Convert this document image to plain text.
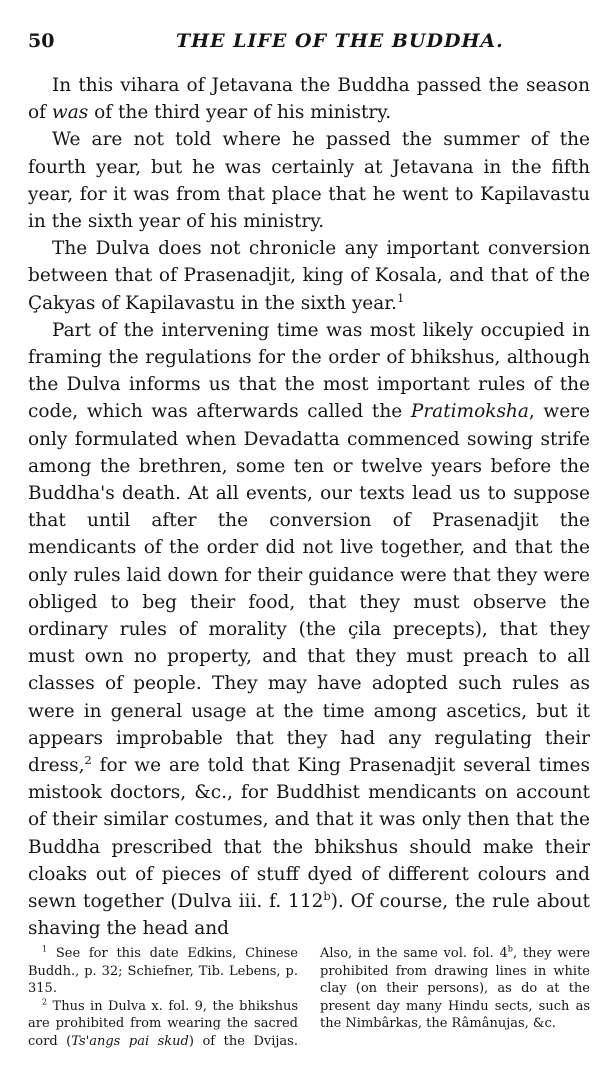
50	THE LIFE OF THE BUDDHA.

In this vihara of Jetavana the Buddha passed the season of was of the third year of his ministry.

We are not told where he passed the summer of the fourth year, but he was certainly at Jetavana in the fifth year, for it was from that place that he went to Kapilavastu in the sixth year of his ministry.

The Dulva does not chronicle any important conversion between that of Prasenadjit, king of Kosala, and that of the Çakyas of Kapilavastu in the sixth year.$^1$

Part of the intervening time was most likely occupied in framing the regulations for the order of bhikshus, although the Dulva informs us that the most important rules of the code, which was afterwards called the Pratimoksha, were only formulated when Devadatta commenced sowing strife among the brethren, some ten or twelve years before the Buddha's death. At all events, our texts lead us to suppose that until after the conversion of Prasenadjit the mendicants of the order did not live together, and that the only rules laid down for their guidance were that they were obliged to beg their food, that they must observe the ordinary rules of morality (the çila precepts), that they must own no property, and that they must preach to all classes of people. They may have adopted such rules as were in general usage at the time among ascetics, but it appears improbable that they had any regulating their dress,$^2$ for we are told that King Prasenadjit several times mistook doctors, &c., for Buddhist mendicants on account of their similar costumes, and that it was only then that the Buddha prescribed that the bhikshus should make their cloaks out of pieces of stuff dyed of different colours and sewn together (Dulva iii. f. 112$^b$). Of course, the rule about shaving the head and

$^1$ See for this date Edkins, Chinese Buddh., p. 32; Schiefner, Tib. Lebens, p. 315.

$^2$ Thus in Dulva x. fol. 9, the bhikshus are prohibited from wearing the sacred cord (Ts'angs pai skud) of the Dvijas. Also, in the same vol. fol. 4$^b$, they were prohibited from drawing lines in white clay (on their persons), as do at the present day many Hindu sects, such as the Nimbârkas, the Râmânujas, &c.
